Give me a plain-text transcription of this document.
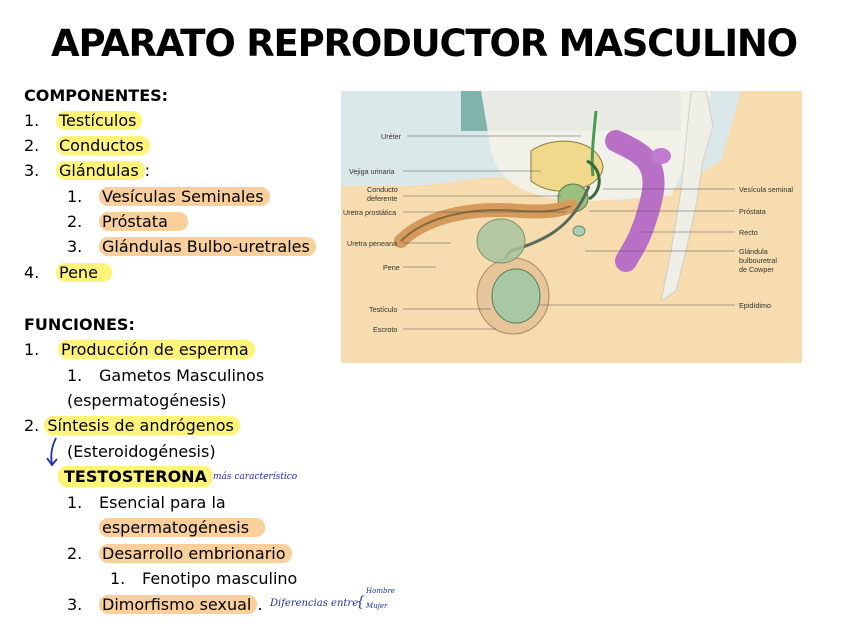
APARATO REPRODUCTOR MASCULINO
COMPONENTES:
1. Testículos
2. Conductos
3. Glándulas :
1. Vesículas Seminales
2. Próstata
3. Glándulas Bulbo-uretrales
4. Pene
FUNCIONES:
1. Producción de esperma
1. Gametos Masculinos
(espermatogénesis)
2. Síntesis de andrógenos
(Esteroidogénesis)
TESTOSTERONA más característico
1. Esencial para la
espermatogénesis
2. Desarrollo embrionario
1. Fenotipo masculino
3. Dimorfismo sexual . Diferencias entre
{
Hombre
Mujer
Uréter
Vejiga urinaria
Conducto
deferente
Uretra prostática
Uretra peneana
Pene
Testículo
Escroto
Vesícula seminal
Próstata
Recto
Glándula
bulbouretral
de Cowper
Epidídimo
